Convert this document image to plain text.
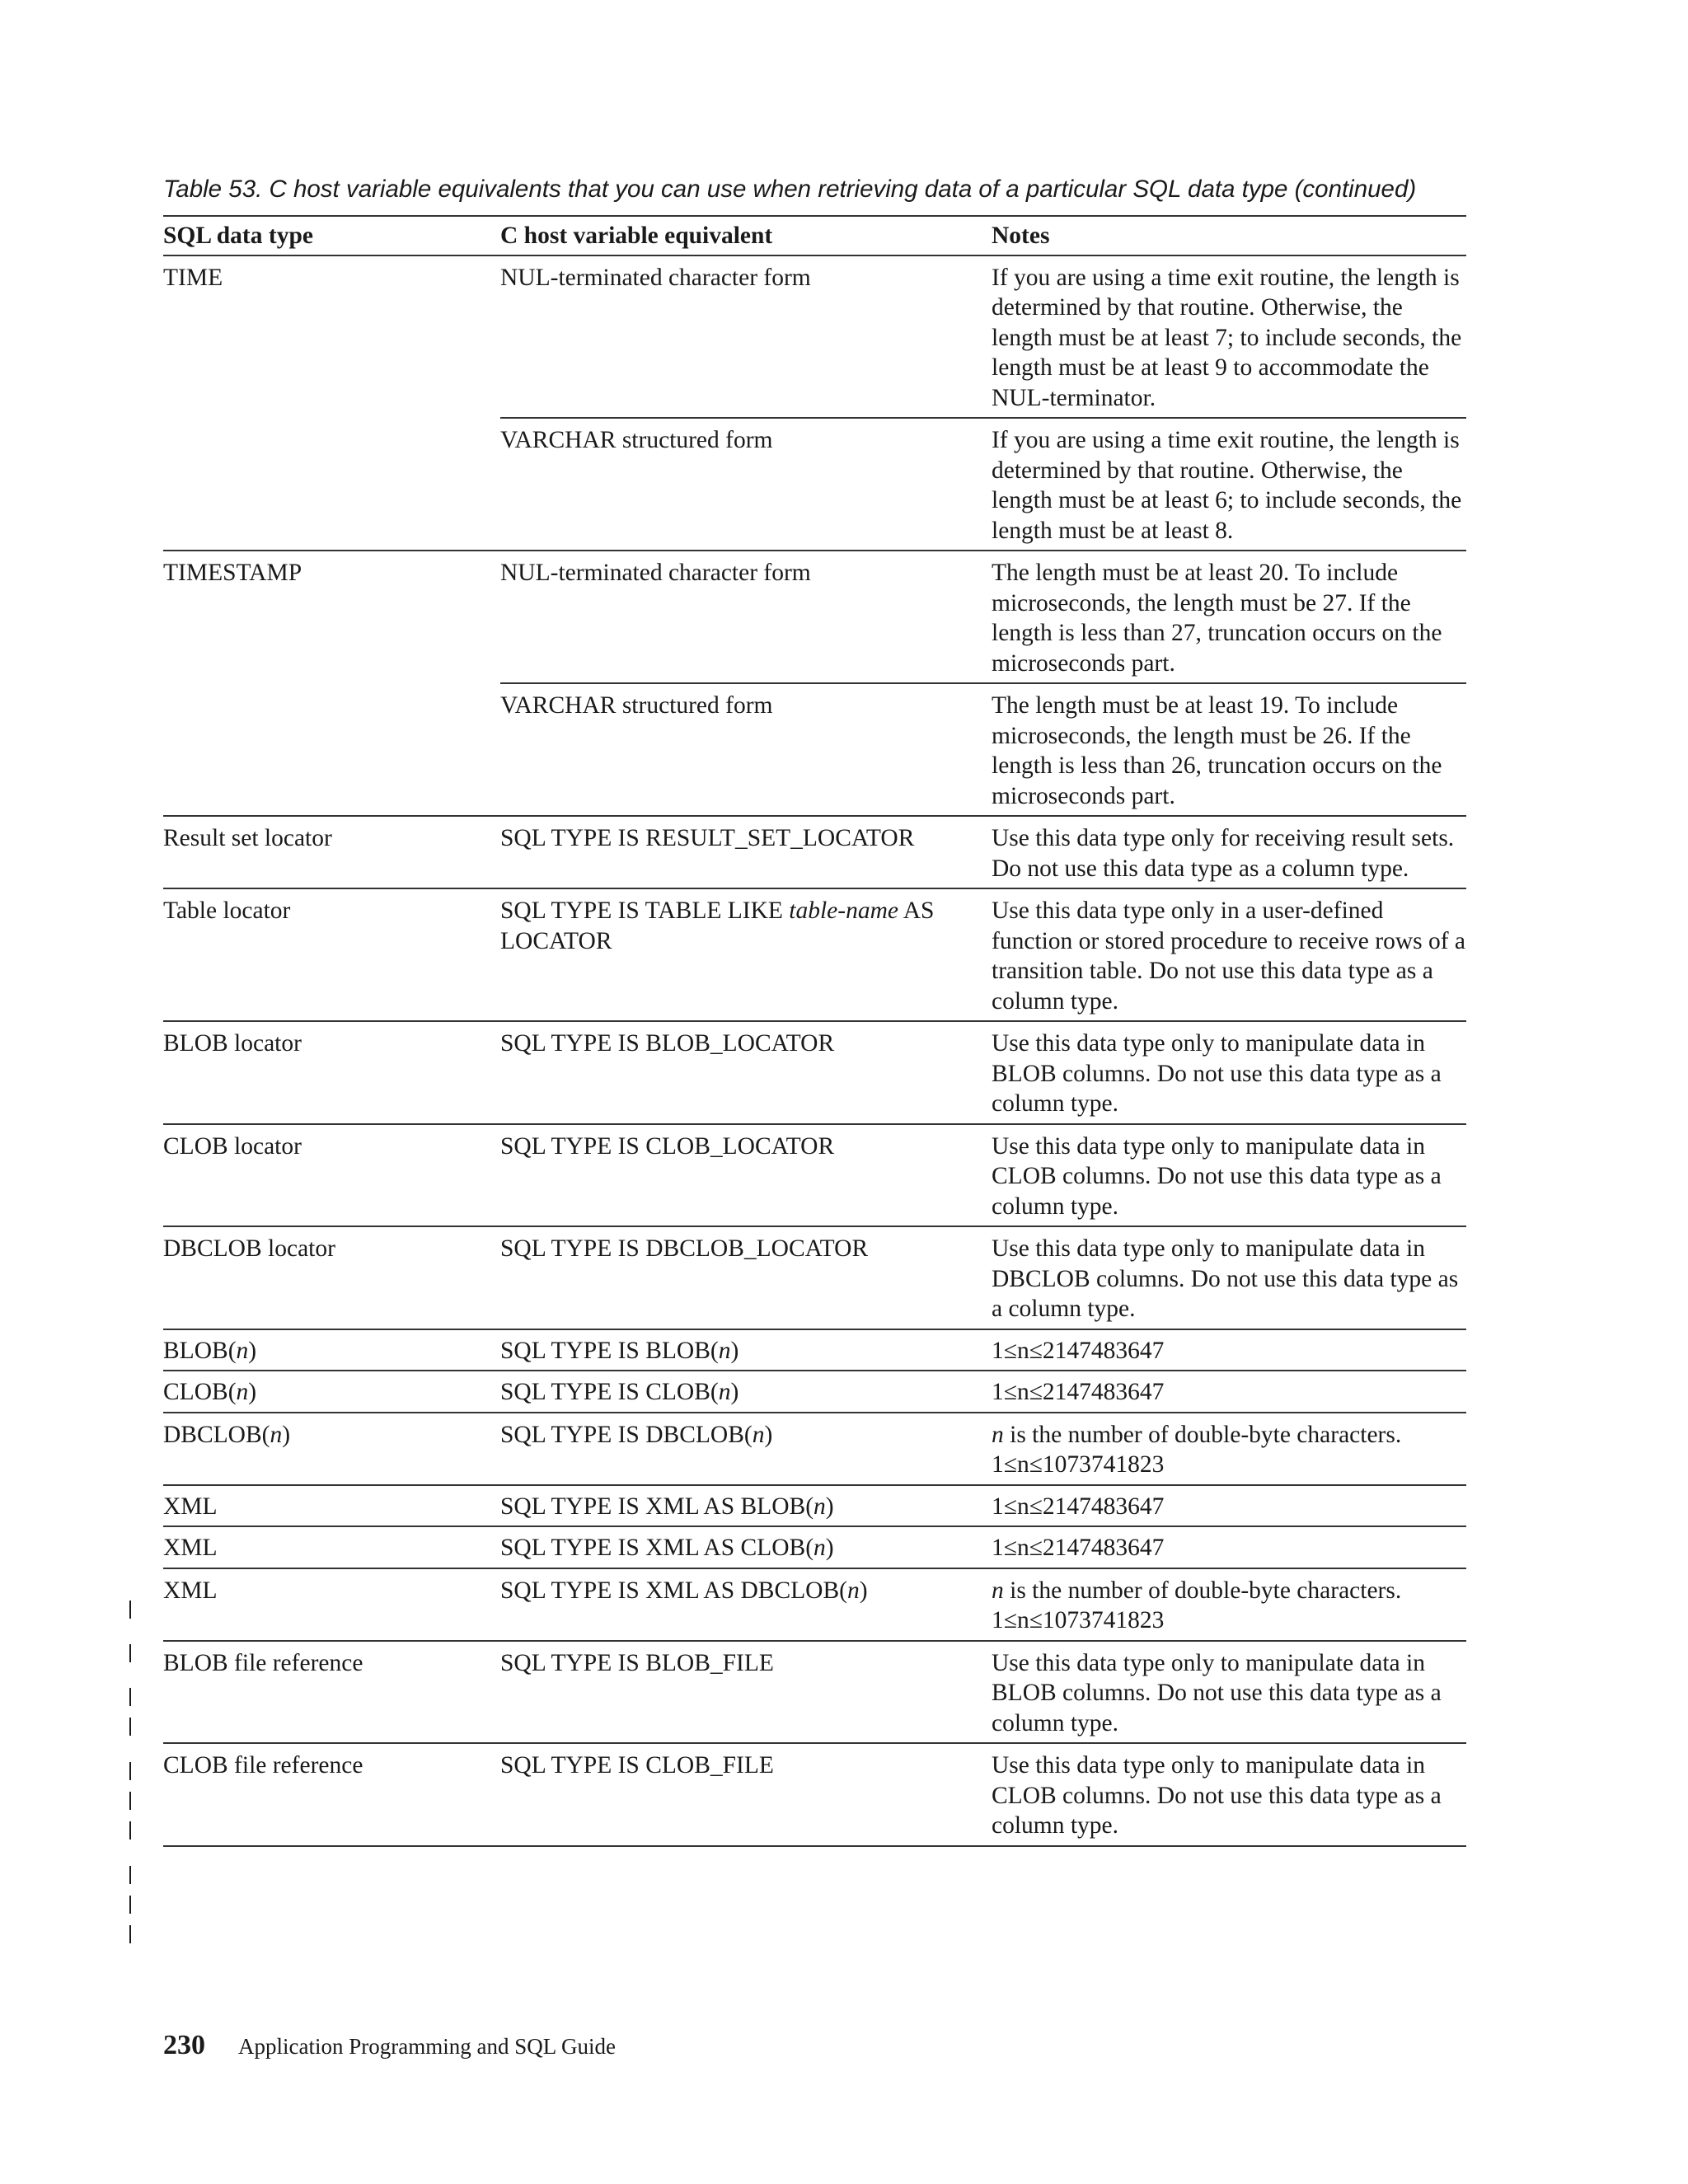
Table 53. C host variable equivalents that you can use when retrieving data of a particular SQL data type (continued)
SQL data type	C host variable equivalent	Notes
TIME	NUL-terminated character form	If you are using a time exit routine, the length is determined by that routine. Otherwise, the length must be at least 7; to include seconds, the length must be at least 9 to accommodate the NUL-terminator.
	VARCHAR structured form	If you are using a time exit routine, the length is determined by that routine. Otherwise, the length must be at least 6; to include seconds, the length must be at least 8.
TIMESTAMP	NUL-terminated character form	The length must be at least 20. To include microseconds, the length must be 27. If the length is less than 27, truncation occurs on the microseconds part.
	VARCHAR structured form	The length must be at least 19. To include microseconds, the length must be 26. If the length is less than 26, truncation occurs on the microseconds part.
Result set locator	SQL TYPE IS RESULT_SET_LOCATOR	Use this data type only for receiving result sets. Do not use this data type as a column type.
Table locator	SQL TYPE IS TABLE LIKE table-name AS LOCATOR	Use this data type only in a user-defined function or stored procedure to receive rows of a transition table. Do not use this data type as a column type.
BLOB locator	SQL TYPE IS BLOB_LOCATOR	Use this data type only to manipulate data in BLOB columns. Do not use this data type as a column type.
CLOB locator	SQL TYPE IS CLOB_LOCATOR	Use this data type only to manipulate data in CLOB columns. Do not use this data type as a column type.
DBCLOB locator	SQL TYPE IS DBCLOB_LOCATOR	Use this data type only to manipulate data in DBCLOB columns. Do not use this data type as a column type.
BLOB(n)	SQL TYPE IS BLOB(n)	1≤n≤2147483647
CLOB(n)	SQL TYPE IS CLOB(n)	1≤n≤2147483647
DBCLOB(n)	SQL TYPE IS DBCLOB(n)	n is the number of double-byte characters.
1≤n≤1073741823
XML	SQL TYPE IS XML AS BLOB(n)	1≤n≤2147483647
XML	SQL TYPE IS XML AS CLOB(n)	1≤n≤2147483647
XML	SQL TYPE IS XML AS DBCLOB(n)	n is the number of double-byte characters.
1≤n≤1073741823
BLOB file reference	SQL TYPE IS BLOB_FILE	Use this data type only to manipulate data in BLOB columns. Do not use this data type as a column type.
CLOB file reference	SQL TYPE IS CLOB_FILE	Use this data type only to manipulate data in CLOB columns. Do not use this data type as a column type.
230 Application Programming and SQL Guide
